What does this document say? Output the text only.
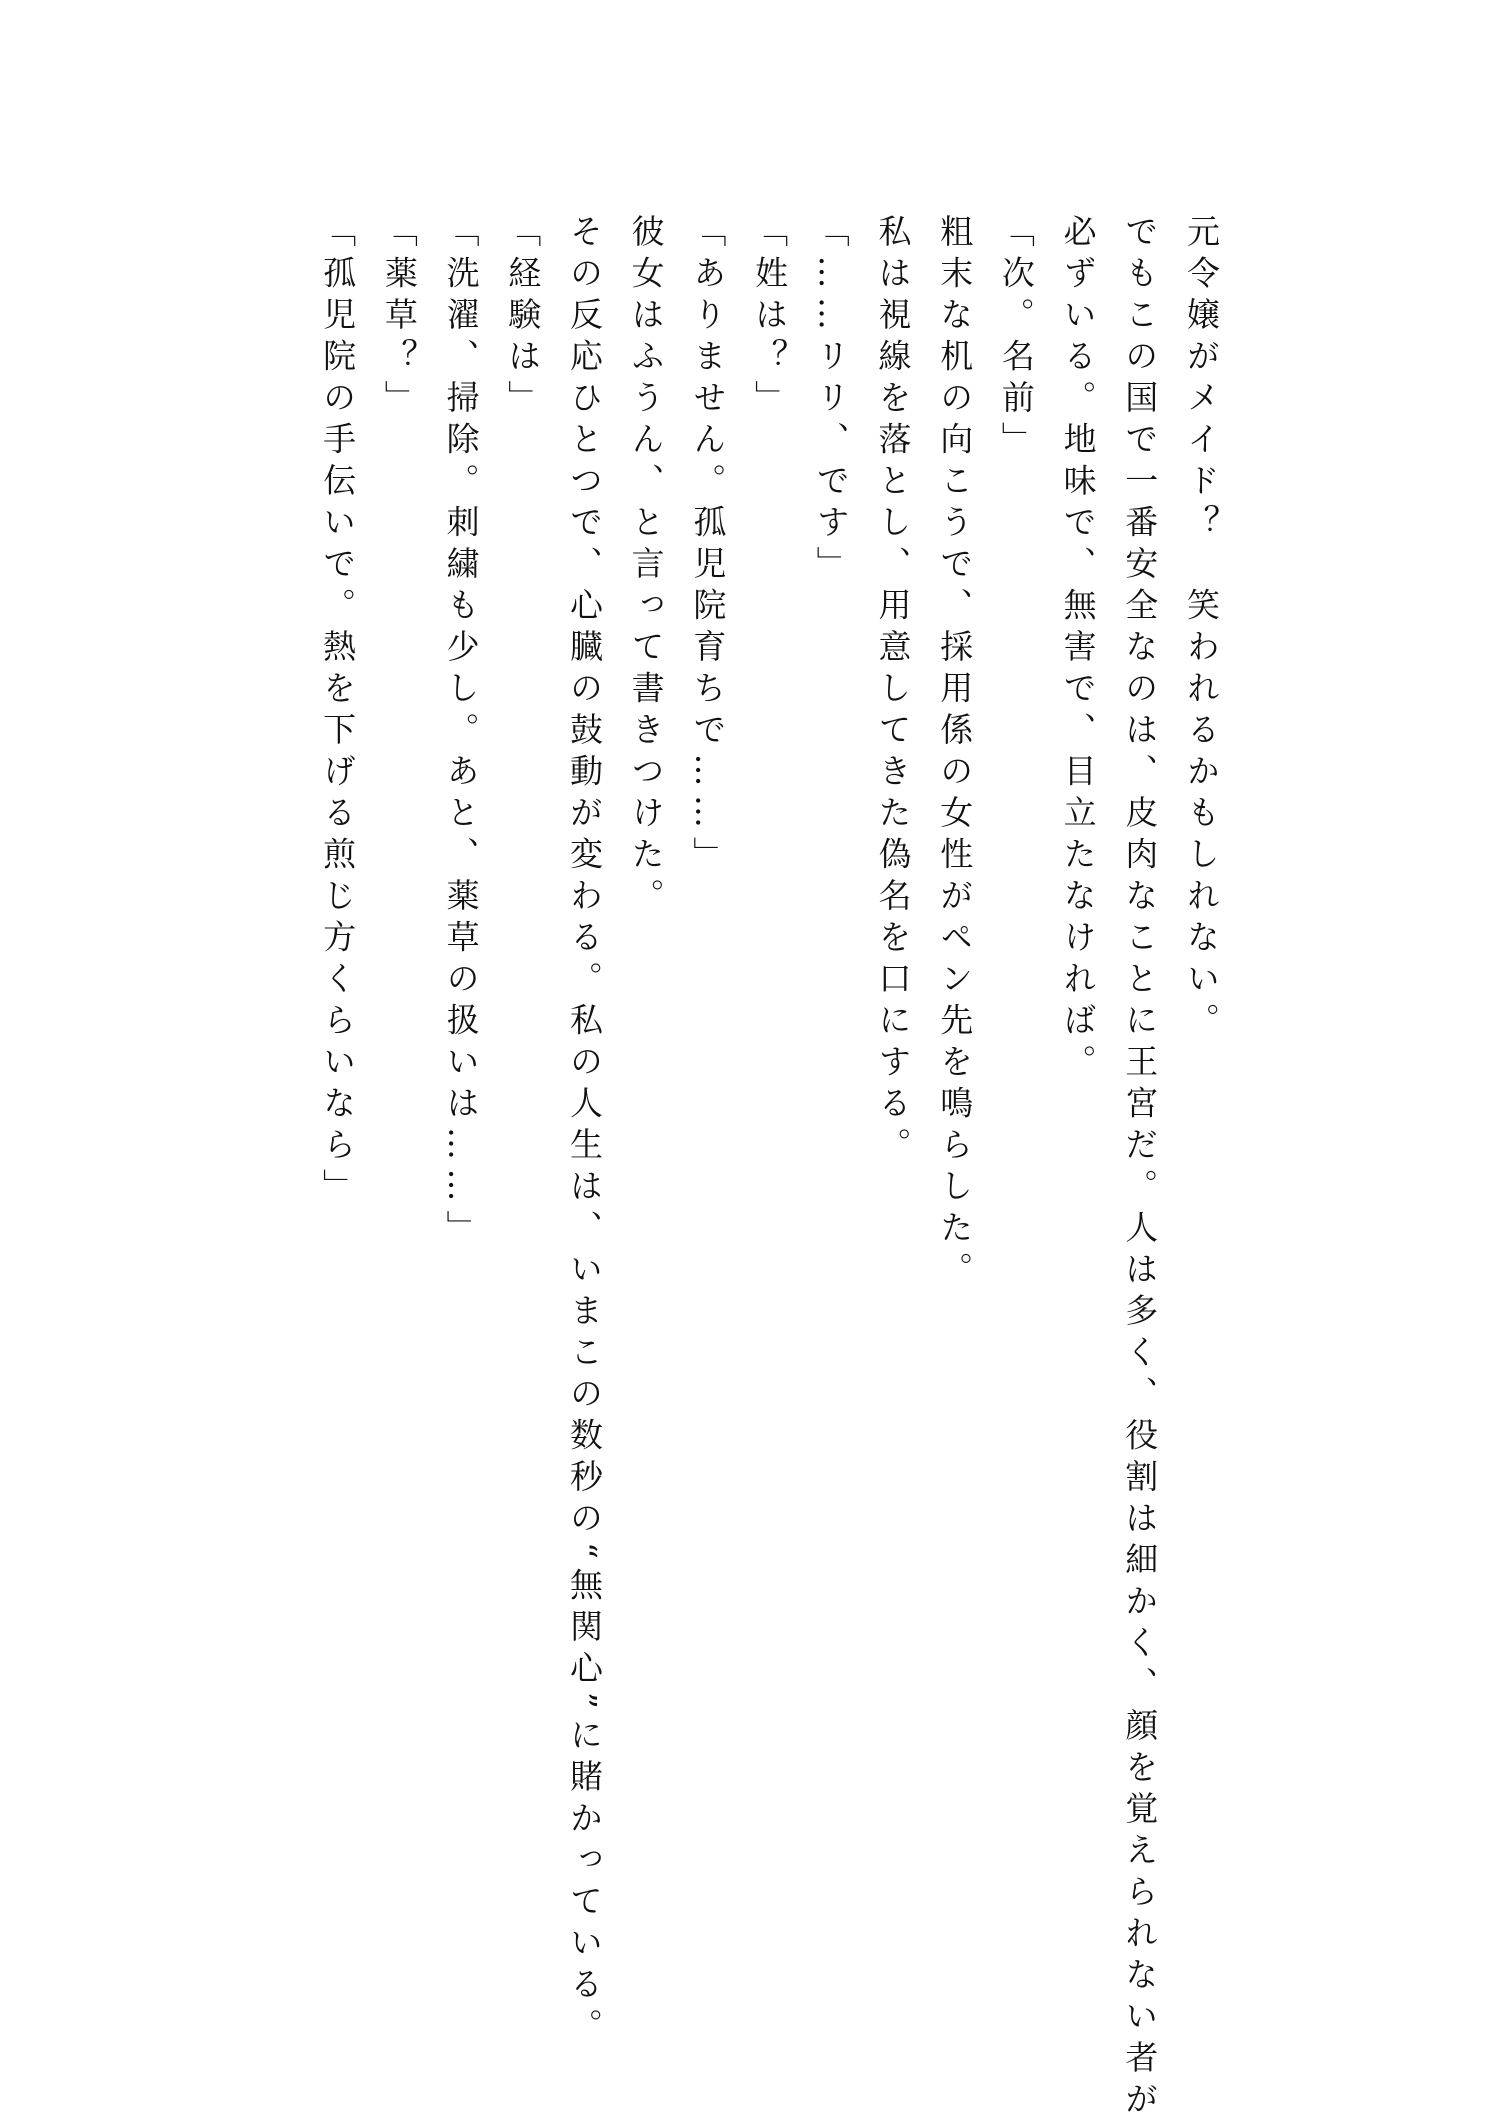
元令嬢がメイド？　笑われるかもしれない。

でもこの国で一番安全なのは、皮肉なことに王宮だ。人は多く、役割は細かく、顔を覚えられない者が

必ずいる。地味で、無害で、目立たなければ。

「次。名前」

粗末な机の向こうで、採用係の女性がペン先を鳴らした。

私は視線を落とし、用意してきた偽名を口にする。

「……リリ、です」

「姓は？」

「ありません。孤児院育ちで……」

彼女はふうん、と言って書きつけた。

その反応ひとつで、心臓の鼓動が変わる。私の人生は、いまこの数秒の“無関心”に賭かっている。

「経験は」

「洗濯、掃除。刺繍も少し。あと、薬草の扱いは……」

「薬草？」

「孤児院の手伝いで。熱を下げる煎じ方くらいなら」
